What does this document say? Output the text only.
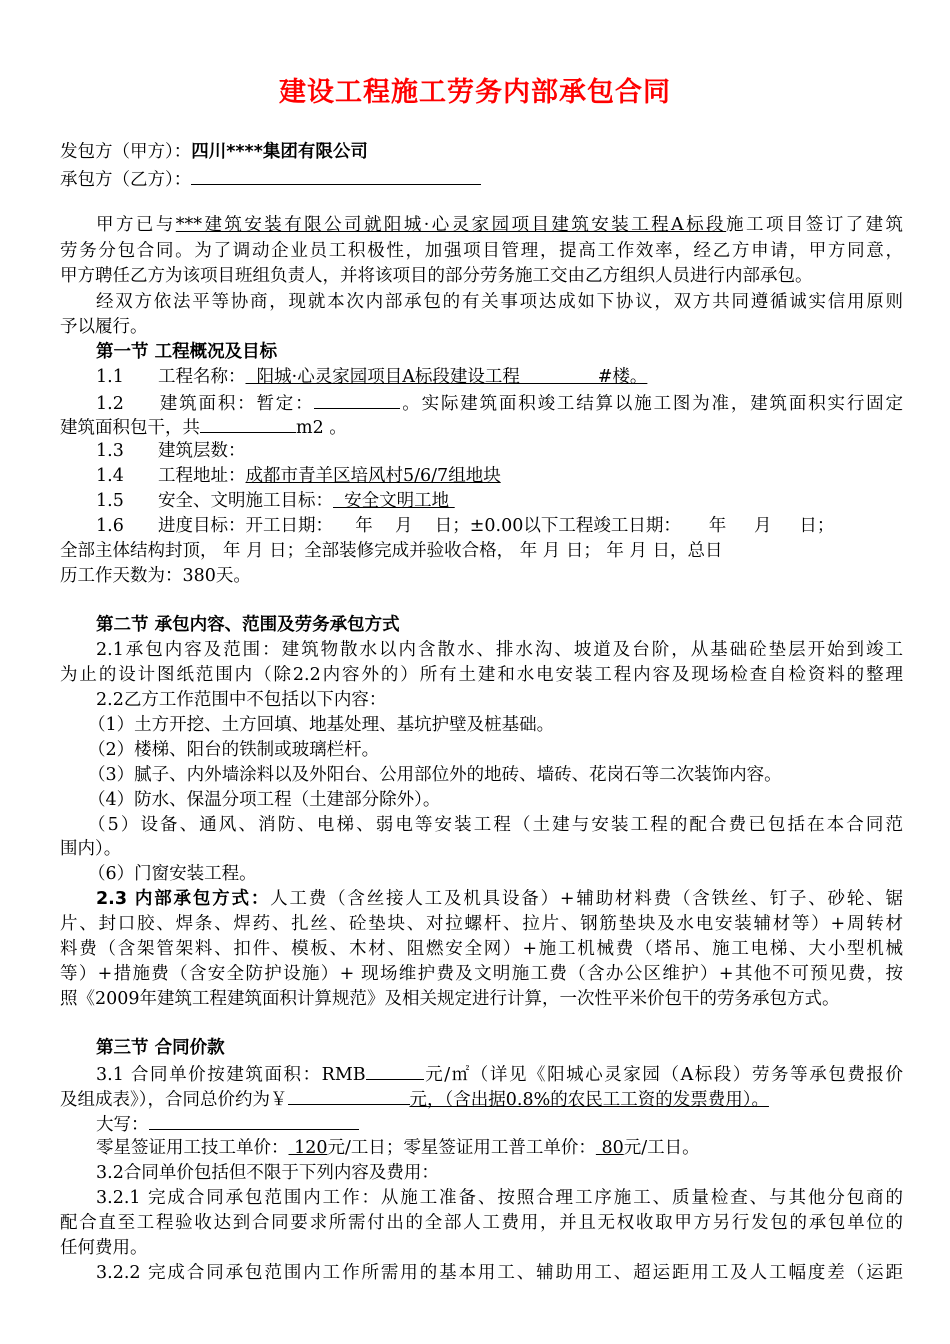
建设工程施工劳务内部承包合同
发包方（甲方）：四川****集团有限公司
承包方（乙方）：
甲方已与***建筑安装有限公司就阳城·心灵家园项目建筑安装工程A标段施工项目签订了建筑
劳务分包合同。为了调动企业员工积极性，加强项目管理，提高工作效率，经乙方申请，甲方同意，
甲方聘任乙方为该项目班组负责人，并将该项目的部分劳务施工交由乙方组织人员进行内部承包。
经双方依法平等协商，现就本次内部承包的有关事项达成如下协议，双方共同遵循诚实信用原则
予以履行。
第一节 工程概况及目标
1.1 工程名称：  阳城·心灵家园项目A标段建设工程              #楼。
1.2 建筑面积：暂定：	。实际建筑面积竣工结算以施工图为准，建筑面积实行固定
建筑面积包干，共	m2 。
1.3 建筑层数：
1.4 工程地址：成都市青羊区培风村5/6/7组地块
1.5 安全、文明施工目标：  安全文明工地
1.6 进度目标：开工日期：    年    月    日；±0.00以下工程竣工日期：     年     月     日；
全部主体结构封顶， 年 月 日；全部装修完成并验收合格， 年 月 日； 年 月 日，总日
历工作天数为：380天。
第二节 承包内容、范围及劳务承包方式
2.1承包内容及范围：建筑物散水以内含散水、排水沟、坡道及台阶，从基础砼垫层开始到竣工
为止的设计图纸范围内（除2.2内容外的）所有土建和水电安装工程内容及现场检查自检资料的整理
2.2乙方工作范围中不包括以下内容：
（1）土方开挖、土方回填、地基处理、基坑护壁及桩基础。
（2）楼梯、阳台的铁制或玻璃栏杆。
（3）腻子、内外墙涂料以及外阳台、公用部位外的地砖、墙砖、花岗石等二次装饰内容。
（4）防水、保温分项工程（土建部分除外）。
（5）设备、通风、消防、电梯、弱电等安装工程（土建与安装工程的配合费已包括在本合同范
围内）。
（6）门窗安装工程。
2.3 内部承包方式：人工费（含丝接人工及机具设备）+辅助材料费（含铁丝、钉子、砂轮、锯
片、封口胶、焊条、焊药、扎丝、砼垫块、对拉螺杆、拉片、钢筋垫块及水电安装辅材等）+周转材
料费（含架管架料、扣件、模板、木材、阻燃安全网）+施工机械费（塔吊、施工电梯、大小型机械
等）+措施费（含安全防护设施）+ 现场维护费及文明施工费（含办公区维护）+其他不可预见费，按
照《2009年建筑工程建筑面积计算规范》及相关规定进行计算，一次性平米价包干的劳务承包方式。
第三节 合同价款
3.1 合同单价按建筑面积：RMB	元/㎡（详见《阳城心灵家园（A标段）劳务等承包费报价
及组成表》），合同总价约为￥	元，（含出据0.8%的农民工工资的发票费用）。
大写：
零星签证用工技工单价： 120元/工日；零星签证用工普工单价： 80元/工日。
3.2合同单价包括但不限于下列内容及费用：
3.2.1 完成合同承包范围内工作：从施工准备、按照合理工序施工、质量检查、与其他分包商的
配合直至工程验收达到合同要求所需付出的全部人工费用，并且无权收取甲方另行发包的承包单位的
任何费用。
3.2.2 完成合同承包范围内工作所需用的基本用工、辅助用工、超运距用工及人工幅度差（运距
